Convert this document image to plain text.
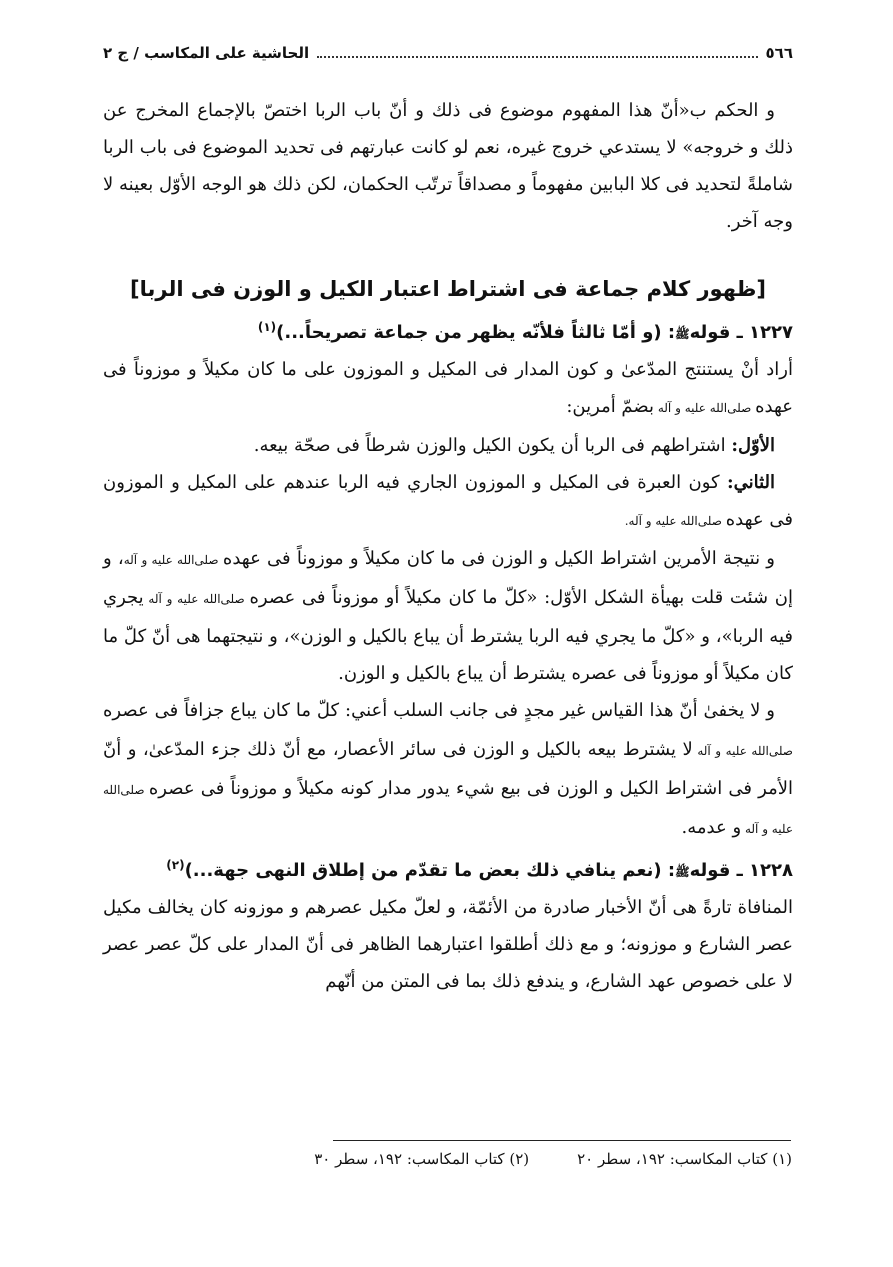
٥٦٦
الحاشية على المكاسب / ج ٢

و الحكم ب«أنّ هذا المفهوم موضوع فى ذلك و أنّ باب الربا اختصّ بالإجماع المخرج عن ذلك و خروجه» لا يستدعي خروج غيره، نعم لو كانت عبارتهم فى تحديد الموضوع فى باب الربا شاملةً لتحديد فى كلا البابين مفهوماً و مصداقاً ترتّب الحكمان، لكن ذلك هو الوجه الأوّل بعينه لا وجه آخر.

[ظهور كلام جماعة فى اشتراط اعتبار الكيل و الوزن فى الربا]

١٢٢٧ ـ قولهﷺ: (و أمّا ثالثاً فلأنّه يظهر من جماعة تصريحاً...)$^{(١)}$

أراد أنْ يستنتج المدّعىٰ و كون المدار فى المكيل و الموزون على ما كان مكيلاً و موزوناً فى عهده صلى‌الله عليه و آله بضمّ أمرين:

الأوّل: اشتراطهم فى الربا أن يكون الكيل والوزن شرطاً فى صحّة بيعه.

الثاني: كون العبرة فى المكيل و الموزون الجاري فيه الربا عندهم على المكيل و الموزون فى عهده صلى‌الله عليه و آله.

و نتيجة الأمرين اشتراط الكيل و الوزن فى ما كان مكيلاً و موزوناً فى عهده صلى‌الله عليه و آله، و إن شئت قلت بهيأة الشكل الأوّل: «كلّ ما كان مكيلاً أو موزوناً فى عصره صلى‌الله عليه و آله يجري فيه الربا»، و «كلّ ما يجري فيه الربا يشترط أن يباع بالكيل و الوزن»، و نتيجتهما هى أنّ كلّ ما كان مكيلاً أو موزوناً فى عصره يشترط أن يباع بالكيل و الوزن.

و لا يخفىٰ أنّ هذا القياس غير مجدٍ فى جانب السلب أعني: كلّ ما كان يباع جزافاً فى عصره صلى‌الله عليه و آله لا يشترط بيعه بالكيل و الوزن فى سائر الأعصار، مع أنّ ذلك جزء المدّعىٰ، و أنّ الأمر فى اشتراط الكيل و الوزن فى بيع شيء يدور مدار كونه مكيلاً و موزوناً فى عصره صلى‌الله عليه و آله و عدمه.

١٢٢٨ ـ قولهﷺ: (نعم ينافي ذلك بعض ما تقدّم من إطلاق النهى جهة...)$^{(٢)}$

المنافاة تارةً هى أنّ الأخبار صادرة من الأئمّة، و لعلّ مكيل عصرهم و موزونه كان يخالف مكيل عصر الشارع و موزونه؛ و مع ذلك أطلقوا اعتبارهما الظاهر فى أنّ المدار على كلّ عصر عصر لا على خصوص عهد الشارع، و يندفع ذلك بما فى المتن من أنّهم

(١) كتاب المكاسب: ١٩٢، سطر ٢٠
(٢) كتاب المكاسب: ١٩٢، سطر ٣٠
